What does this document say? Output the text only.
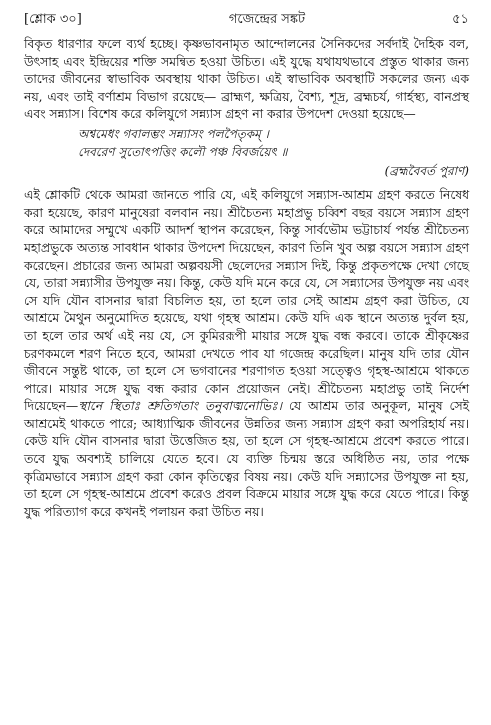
[শ্লোক ৩০]	গজেন্দ্রের সঙ্কট	৫১

বিকৃত ধারণার ফলে ব্যর্থ হচ্ছে। কৃষ্ণভাবনামৃত আন্দোলনের সৈনিকদের সর্বদাই দৈহিক বল, উৎসাহ এবং ইন্দ্রিয়ের শক্তি সমন্বিত হওয়া উচিত। এই যুদ্ধে যথাযথভাবে প্রস্তুত থাকার জন্য তাদের জীবনের স্বাভাবিক অবস্থায় থাকা উচিত। এই স্বাভাবিক অবস্থাটি সকলের জন্য এক নয়, এবং তাই বর্ণাশ্রম বিভাগ রয়েছে— ব্রাহ্মণ, ক্ষত্রিয়, বৈশ্য, শূদ্র, ব্রহ্মচর্য, গার্হস্থ্য, বানপ্রস্থ এবং সন্ন্যাস। বিশেষ করে কলিযুগে সন্ন্যাস গ্রহণ না করার উপদেশ দেওয়া হয়েছে—

অশ্বমেধং গবালম্ভং সন্ন্যাসং পলপৈতৃকম্ ।
দেবরেণ সুতোৎপত্তিং কলৌ পঞ্চ বিবর্জয়েৎ ॥
(ব্রহ্মবৈবর্ত পুরাণ)

এই শ্লোকটি থেকে আমরা জানতে পারি যে, এই কলিযুগে সন্ন্যাস-আশ্রম গ্রহণ করতে নিষেধ করা হয়েছে, কারণ মানুষেরা বলবান নয়। শ্রীচৈতন্য মহাপ্রভু চব্বিশ বছর বয়সে সন্ন্যাস গ্রহণ করে আমাদের সম্মুখে একটি আদর্শ স্থাপন করেছেন, কিন্তু সার্বভৌম ভট্টাচার্য পর্যন্ত শ্রীচৈতন্য মহাপ্রভুকে অত্যন্ত সাবধান থাকার উপদেশ দিয়েছেন, কারণ তিনি খুব অল্প বয়সে সন্ন্যাস গ্রহণ করেছেন। প্রচারের জন্য আমরা অল্পবয়সী ছেলেদের সন্ন্যাস দিই, কিন্তু প্রকৃতপক্ষে দেখা গেছে যে, তারা সন্ন্যাসীর উপযুক্ত নয়। কিন্তু, কেউ যদি মনে করে যে, সে সন্ন্যাসের উপযুক্ত নয় এবং সে যদি যৌন বাসনার দ্বারা বিচলিত হয়, তা হলে তার সেই আশ্রম গ্রহণ করা উচিত, যে আশ্রমে মৈথুন অনুমোদিত হয়েছে, যথা গৃহস্থ আশ্রম। কেউ যদি এক স্থানে অত্যন্ত দুর্বল হয়, তা হলে তার অর্থ এই নয় যে, সে কুমিররূপী মায়ার সঙ্গে যুদ্ধ বন্ধ করবে। তাকে শ্রীকৃষ্ণের চরণকমলে শরণ নিতে হবে, আমরা দেখতে পাব যা গজেন্দ্র করেছিল। মানুষ যদি তার যৌন জীবনে সন্তুষ্ট থাকে, তা হলে সে ভগবানের শরণাগত হওয়া সত্ত্বেও গৃহস্থ-আশ্রমে থাকতে পারে। মায়ার সঙ্গে যুদ্ধ বন্ধ করার কোন প্রয়োজন নেই। শ্রীচৈতন্য মহাপ্রভু তাই নির্দেশ দিয়েছেন—স্থানে স্থিতাঃ শ্রুতিগতাং তনুবাঙ্মনোভিঃ। যে আশ্রম তার অনুকূল, মানুষ সেই আশ্রমেই থাকতে পারে; আধ্যাত্মিক জীবনের উন্নতির জন্য সন্ন্যাস গ্রহণ করা অপরিহার্য নয়। কেউ যদি যৌন বাসনার দ্বারা উত্তেজিত হয়, তা হলে সে গৃহস্থ-আশ্রমে প্রবেশ করতে পারে। তবে যুদ্ধ অবশ্যই চালিয়ে যেতে হবে। যে ব্যক্তি চিন্ময় স্তরে অধিষ্ঠিত নয়, তার পক্ষে কৃত্রিমভাবে সন্ন্যাস গ্রহণ করা কোন কৃতিত্বের বিষয় নয়। কেউ যদি সন্ন্যাসের উপযুক্ত না হয়, তা হলে সে গৃহস্থ-আশ্রমে প্রবেশ করেও প্রবল বিক্রমে মায়ার সঙ্গে যুদ্ধ করে যেতে পারে। কিন্তু যুদ্ধ পরিত্যাগ করে কখনই পলায়ন করা উচিত নয়।
